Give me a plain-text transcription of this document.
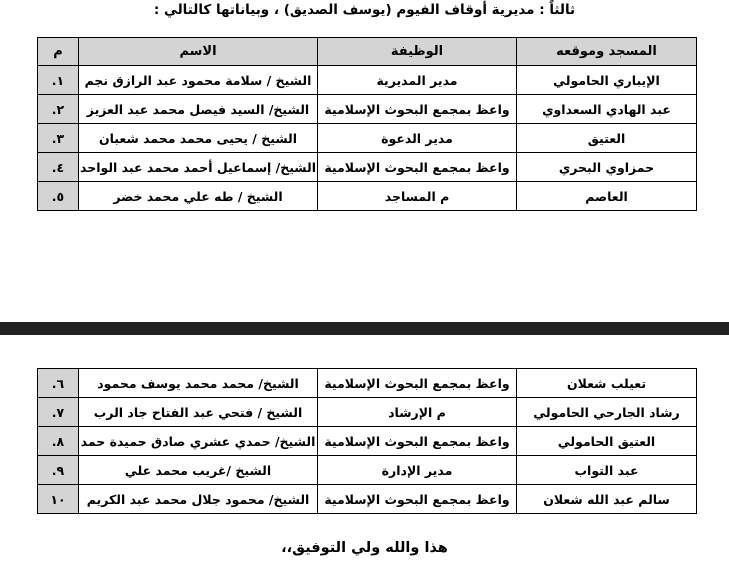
ثالثاً : مديرية أوقاف الفيوم (يوسف الصديق) ، وبياناتها كالتالي :
المسجد وموقعه	الوظيفة	الاسم	م
الإيباري الحامولي	مدير المديرية	الشيخ / سلامة محمود عبد الرازق نجم	١.
عبد الهادي السعداوي	واعظ بمجمع البحوث الإسلامية	الشيخ/ السيد فيصل محمد عبد العزيز	٢.
العتيق	مدير الدعوة	الشيخ / يحيى محمد محمد شعبان	٣.
حمزاوي البحري	واعظ بمجمع البحوث الإسلامية	الشيخ/ إسماعيل أحمد محمد عبد الواحد	٤.
العاصم	م المساجد	الشيخ / طه علي محمد خضر	٥.
تعيلب شعلان	واعظ بمجمع البحوث الإسلامية	الشيخ/ محمد محمد يوسف محمود	٦.
رشاد الجارحي الحامولي	م الإرشاد	الشيخ / فتحي عبد الفتاح جاد الرب	٧.
العتيق الحامولي	واعظ بمجمع البحوث الإسلامية	الشيخ/ حمدي عشري صادق حميدة حمد	٨.
عبد التواب	مدير الإدارة	الشيخ /غريب محمد علي	٩.
سالم عبد الله شعلان	واعظ بمجمع البحوث الإسلامية	الشيخ/ محمود جلال محمد عبد الكريم	١٠
هذا والله ولي التوفيق،،
